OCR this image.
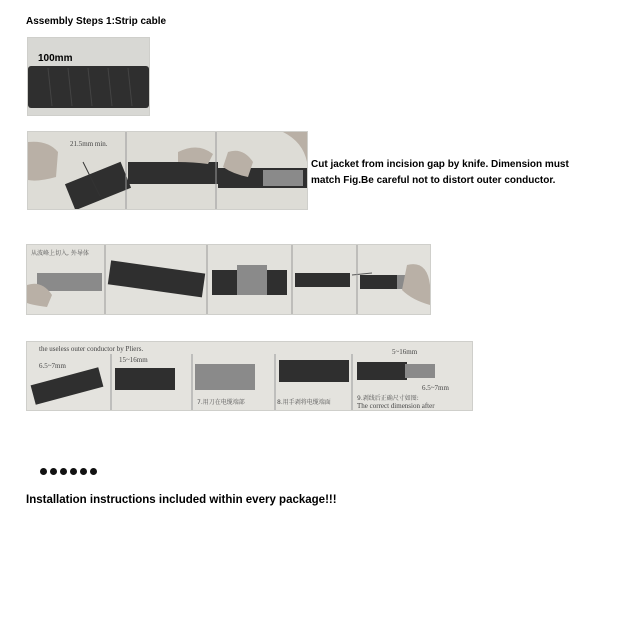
Assembly Steps 1:Strip cable
100mm
21.5mm min.
Cut jacket from incision gap by knife. Dimension must
match Fig.Be careful not to distort outer conductor.
从波峰上切入, 外导体
the useless outer conductor by Pliers.
6.5~7mm
15~16mm
7.用刀在电缆端部	8.用手剥将电缆端面
5~16mm
6.5~7mm
9.剥线后正确尺寸如图:
The correct dimension after
Installation instructions included within every package!!!
